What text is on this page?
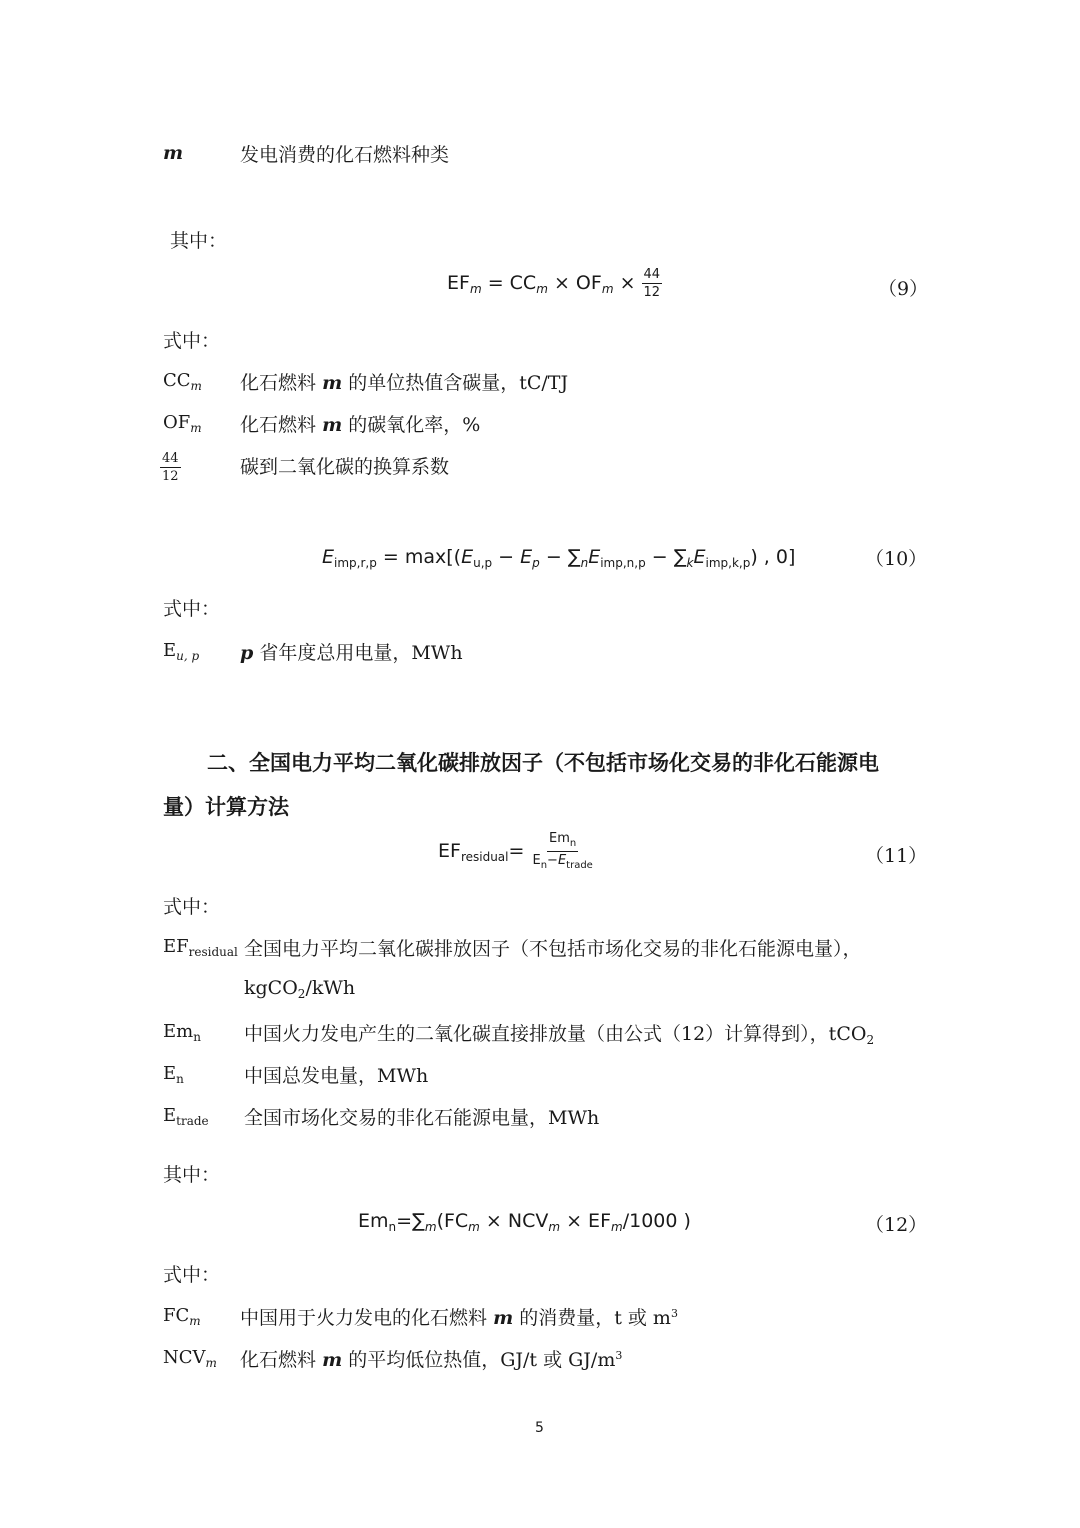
m	发电消费的化石燃料种类
其中：
$EF_m = CC_m \times OF_m \times \frac{44}{12}$	（9）
式中：
$CC_m$ 化石燃料 m 的单位热值含碳量，tC/TJ
$OF_m$ 化石燃料 m 的碳氧化率，%
$\frac{44}{12}$	碳到二氧化碳的换算系数
$E_{imp,r,p} = \max[(E_{u,p} - E_p - \sum_nE_{imp,n,p} - \sum_kE_{imp,k,p})$ , 0]	（10）
式中：
$E_{u, p}$ p 省年度总用电量，MWh
二、全国电力平均二氧化碳排放因子（不包括市场化交易的非化石能源电
量）计算方法
$EF_{residual}= \frac{Em_n}{E_n-E_{trade}}$	（11）
式中：
$EF_{residual}$ 全国电力平均二氧化碳排放因子（不包括市场化交易的非化石能源电量），
kgCO$_2$/kWh
$Em_n$ 中国火力发电产生的二氧化碳直接排放量（由公式（12）计算得到），tCO$_2$
$E_n$	中国总发电量，MWh
$E_{trade}$ 全国市场化交易的非化石能源电量，MWh
其中：
$Em_n=\sum_m(FC_m \times NCV_m \times EF_m/1000$ )	（12）
式中：
$FC_m$ 中国用于火力发电的化石燃料 m 的消费量，t 或 $m^3$
$NCV_m$ 化石燃料 m 的平均低位热值，GJ/t 或 $GJ/m^3$
5
